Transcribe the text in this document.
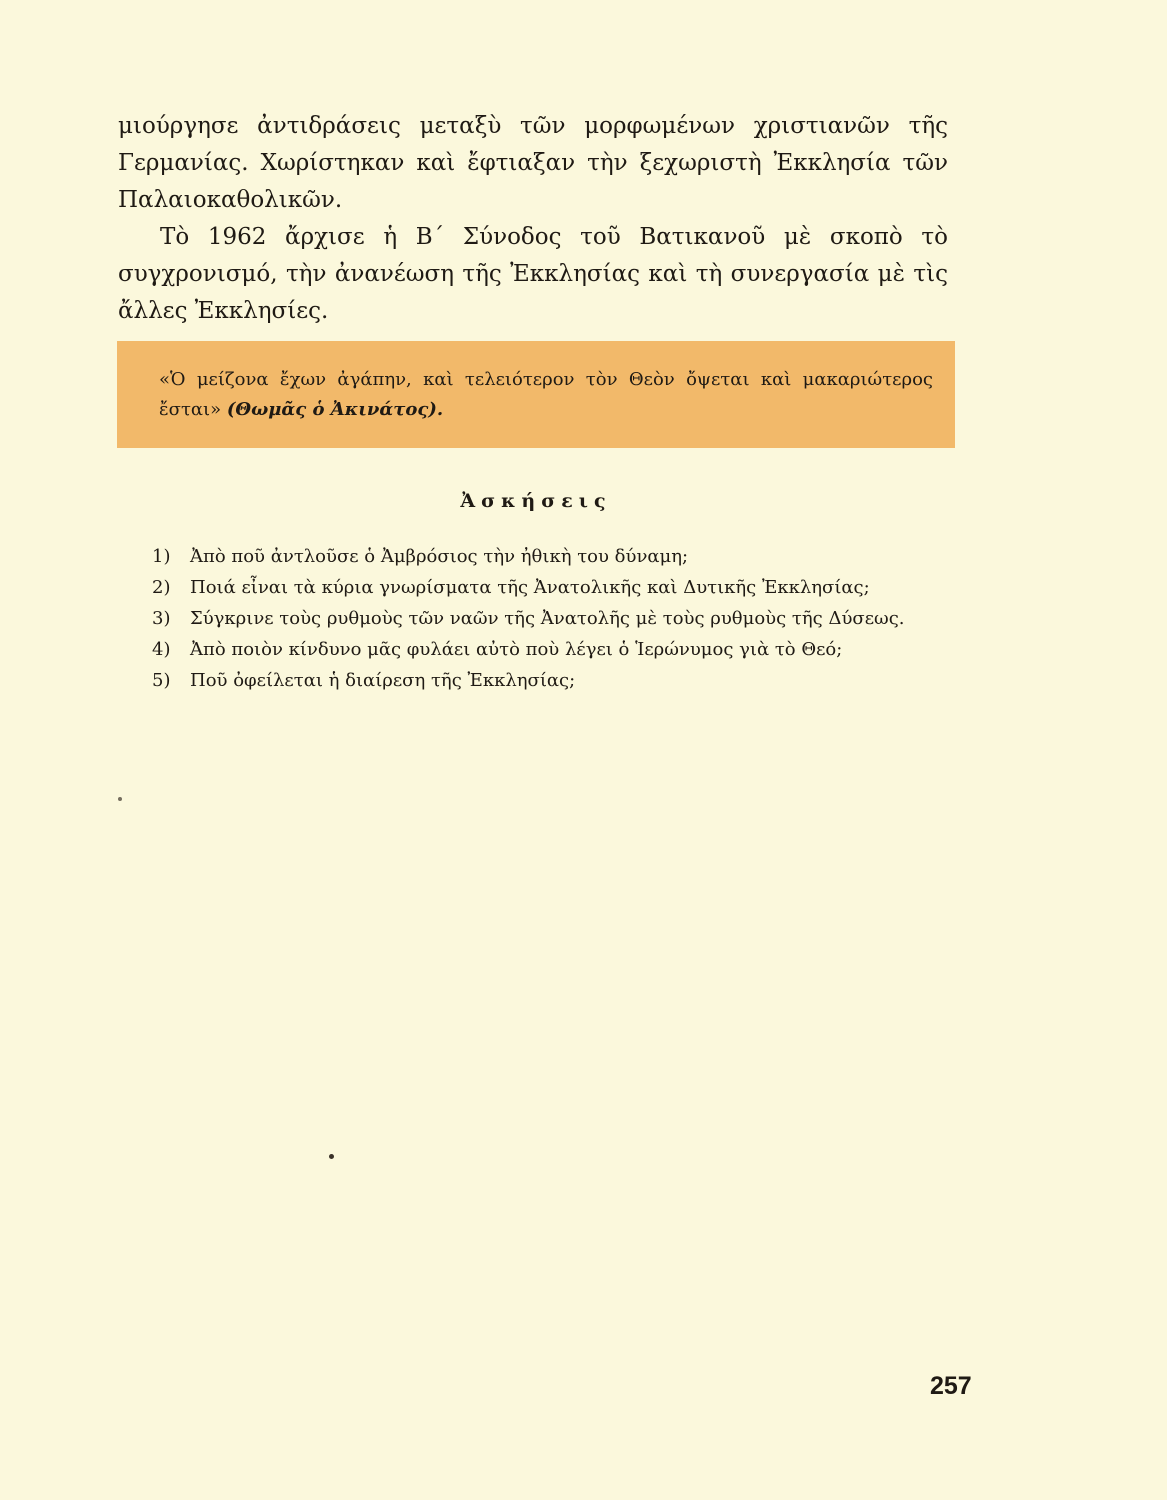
μιούργησε ἀντιδράσεις μεταξὺ τῶν μορφωμένων χριστιανῶν τῆς Γερμανίας. Χωρίστηκαν καὶ ἔφτιαξαν τὴν ξεχωριστὴ Ἐκκλησία τῶν Παλαιοκαθολικῶν.

Τὸ 1962 ἄρχισε ἡ Β΄ Σύνοδος τοῦ Βατικανοῦ μὲ σκοπὸ τὸ συγχρονισμό, τὴν ἀνανέωση τῆς Ἐκκλησίας καὶ τὴ συνεργασία μὲ τὶς ἄλλες Ἐκκλησίες.

«Ὁ μείζονα ἔχων ἀγάπην, καὶ τελειότερον τὸν Θεὸν ὄψεται καὶ μακαριώτερος ἔσται» (Θωμᾶς ὁ Ἀκινάτος).
Ἀσκήσεις
1)	Ἀπὸ ποῦ ἀντλοῦσε ὁ Ἀμβρόσιος τὴν ἠθικὴ του δύναμη;
2)	Ποιά εἶναι τὰ κύρια γνωρίσματα τῆς Ἀνατολικῆς καὶ Δυτικῆς Ἐκκλησίας;
3)	Σύγκρινε τοὺς ρυθμοὺς τῶν ναῶν τῆς Ἀνατολῆς μὲ τοὺς ρυθμοὺς τῆς Δύσεως.
4)	Ἀπὸ ποιὸν κίνδυνο μᾶς φυλάει αὐτὸ ποὺ λέγει ὁ Ἱερώνυμος γιὰ τὸ Θεό;
5)	Ποῦ ὀφείλεται ἡ διαίρεση τῆς Ἐκκλησίας;
257
